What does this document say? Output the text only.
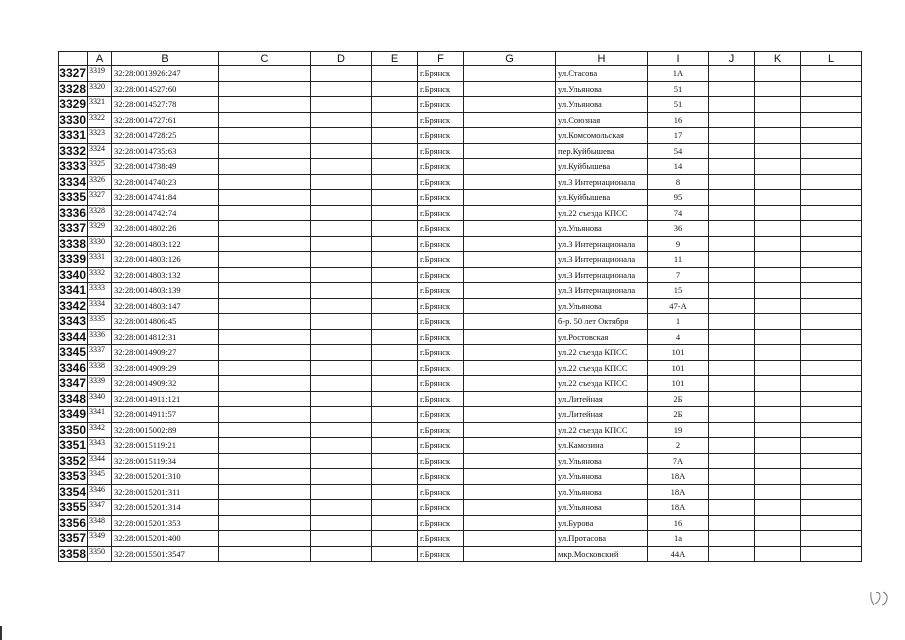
	A	B	C	D	E	F	G	H	I	J	K	L
3327	3319	32:28:0013926:247				г.Брянск		ул.Стасова	1А			
3328	3320	32:28:0014527:60				г.Брянск		ул.Ульянова	51			
3329	3321	32:28:0014527:78				г.Брянск		ул.Ульянова	51			
3330	3322	32:28:0014727:61				г.Брянск		ул.Союзная	16			
3331	3323	32:28:0014728:25				г.Брянск		ул.Комсомольская	17			
3332	3324	32:28:0014735:63				г.Брянск		пер.Куйбышева	54			
3333	3325	32:28:0014738:49				г.Брянск		ул.Куйбышева	14			
3334	3326	32:28:0014740:23				г.Брянск		ул.3 Интернационала	8			
3335	3327	32:28:0014741:84				г.Брянск		ул.Куйбышева	95			
3336	3328	32:28:0014742:74				г.Брянск		ул.22 съезда КПСС	74			
3337	3329	32:28:0014802:26				г.Брянск		ул.Ульянова	36			
3338	3330	32:28:0014803:122				г.Брянск		ул.3 Интернационала	9			
3339	3331	32:28:0014803:126				г.Брянск		ул.3 Интернационала	11			
3340	3332	32:28:0014803:132				г.Брянск		ул.3 Интернационала	7			
3341	3333	32:28:0014803:139				г.Брянск		ул.3 Интернационала	15			
3342	3334	32:28:0014803:147				г.Брянск		ул.Ульянова	47-А			
3343	3335	32:28:0014806:45				г.Брянск		б-р. 50 лет Октября	1			
3344	3336	32:28:0014812:31				г.Брянск		ул.Ростовская	4			
3345	3337	32:28:0014909:27				г.Брянск		ул.22 съезда КПСС	101			
3346	3338	32:28:0014909:29				г.Брянск		ул.22 съезда КПСС	101			
3347	3339	32:28:0014909:32				г.Брянск		ул.22 съезда КПСС	101			
3348	3340	32:28:0014911:121				г.Брянск		ул.Литейная	2Б			
3349	3341	32:28:0014911:57				г.Брянск		ул.Литейная	2Б			
3350	3342	32:28:0015002:89				г.Брянск		ул.22 съезда КПСС	19			
3351	3343	32:28:0015119:21				г.Брянск		ул.Камозина	2			
3352	3344	32:28:0015119:34				г.Брянск		ул.Ульянова	7А			
3353	3345	32:28:0015201:310				г.Брянск		ул.Ульянова	18А			
3354	3346	32:28:0015201:311				г.Брянск		ул.Ульянова	18А			
3355	3347	32:28:0015201:314				г.Брянск		ул.Ульянова	18А			
3356	3348	32:28:0015201:353				г.Брянск		ул.Бурова	16			
3357	3349	32:28:0015201:400				г.Брянск		ул.Протасова	1а			
3358	3350	32:28:0015501:3547				г.Брянск		мкр.Московский	44А			
